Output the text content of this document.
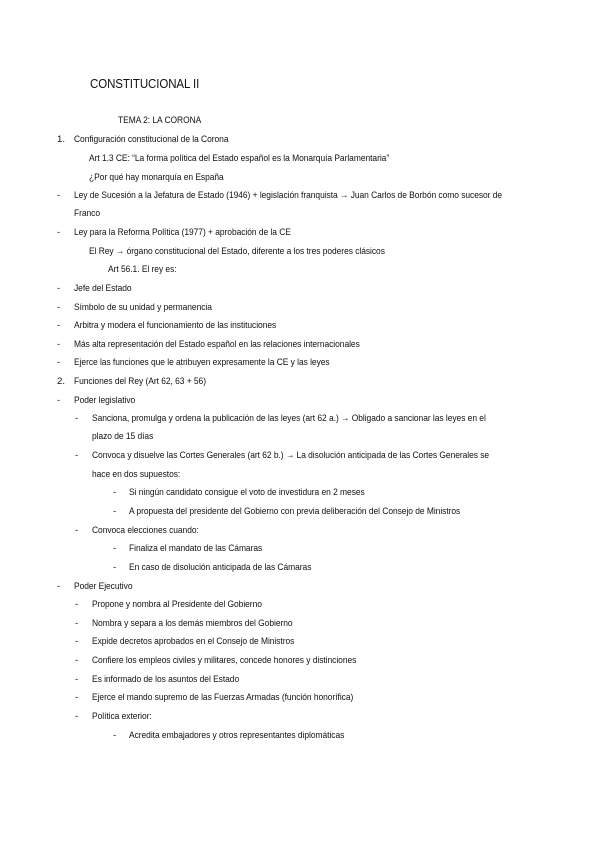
CONSTITUCIONAL II
TEMA 2: LA CORONA
1. Configuración constitucional de la Corona
Art 1.3 CE: “La forma política del Estado español es la Monarquía Parlamentaria”
¿Por qué hay monarquía en España
- Ley de Sucesión a la Jefatura de Estado (1946) + legislación franquista → Juan Carlos de Borbón como sucesor de
Franco
- Ley para la Reforma Política (1977) + aprobación de la CE
El Rey → órgano constitucional del Estado, diferente a los tres poderes clásicos
Art 56.1. El rey es:
- Jefe del Estado
- Símbolo de su unidad y permanencia
- Arbitra y modera el funcionamiento de las instituciones
- Más alta representación del Estado español en las relaciones internacionales
- Ejerce las funciones que le atribuyen expresamente la CE y las leyes
2. Funciones del Rey (Art 62, 63 + 56)
- Poder legislativo
- Sanciona, promulga y ordena la publicación de las leyes (art 62 a.) → Obligado a sancionar las leyes en el
plazo de 15 días
- Convoca y disuelve las Cortes Generales (art 62 b.) → La disolución anticipada de las Cortes Generales se
hace en dos supuestos:
- Si ningún candidato consigue el voto de investidura en 2 meses
- A propuesta del presidente del Gobierno con previa deliberación del Consejo de Ministros
- Convoca elecciones cuando:
- Finaliza el mandato de las Cámaras
- En caso de disolución anticipada de las Cámaras
- Poder Ejecutivo
- Propone y nombra al Presidente del Gobierno
- Nombra y separa a los demás miembros del Gobierno
- Expide decretos aprobados en el Consejo de Ministros
- Confiere los empleos civiles y militares, concede honores y distinciones
- Es informado de los asuntos del Estado
- Ejerce el mando supremo de las Fuerzas Armadas (función honorífica)
- Política exterior:
- Acredita embajadores y otros representantes diplomáticas
